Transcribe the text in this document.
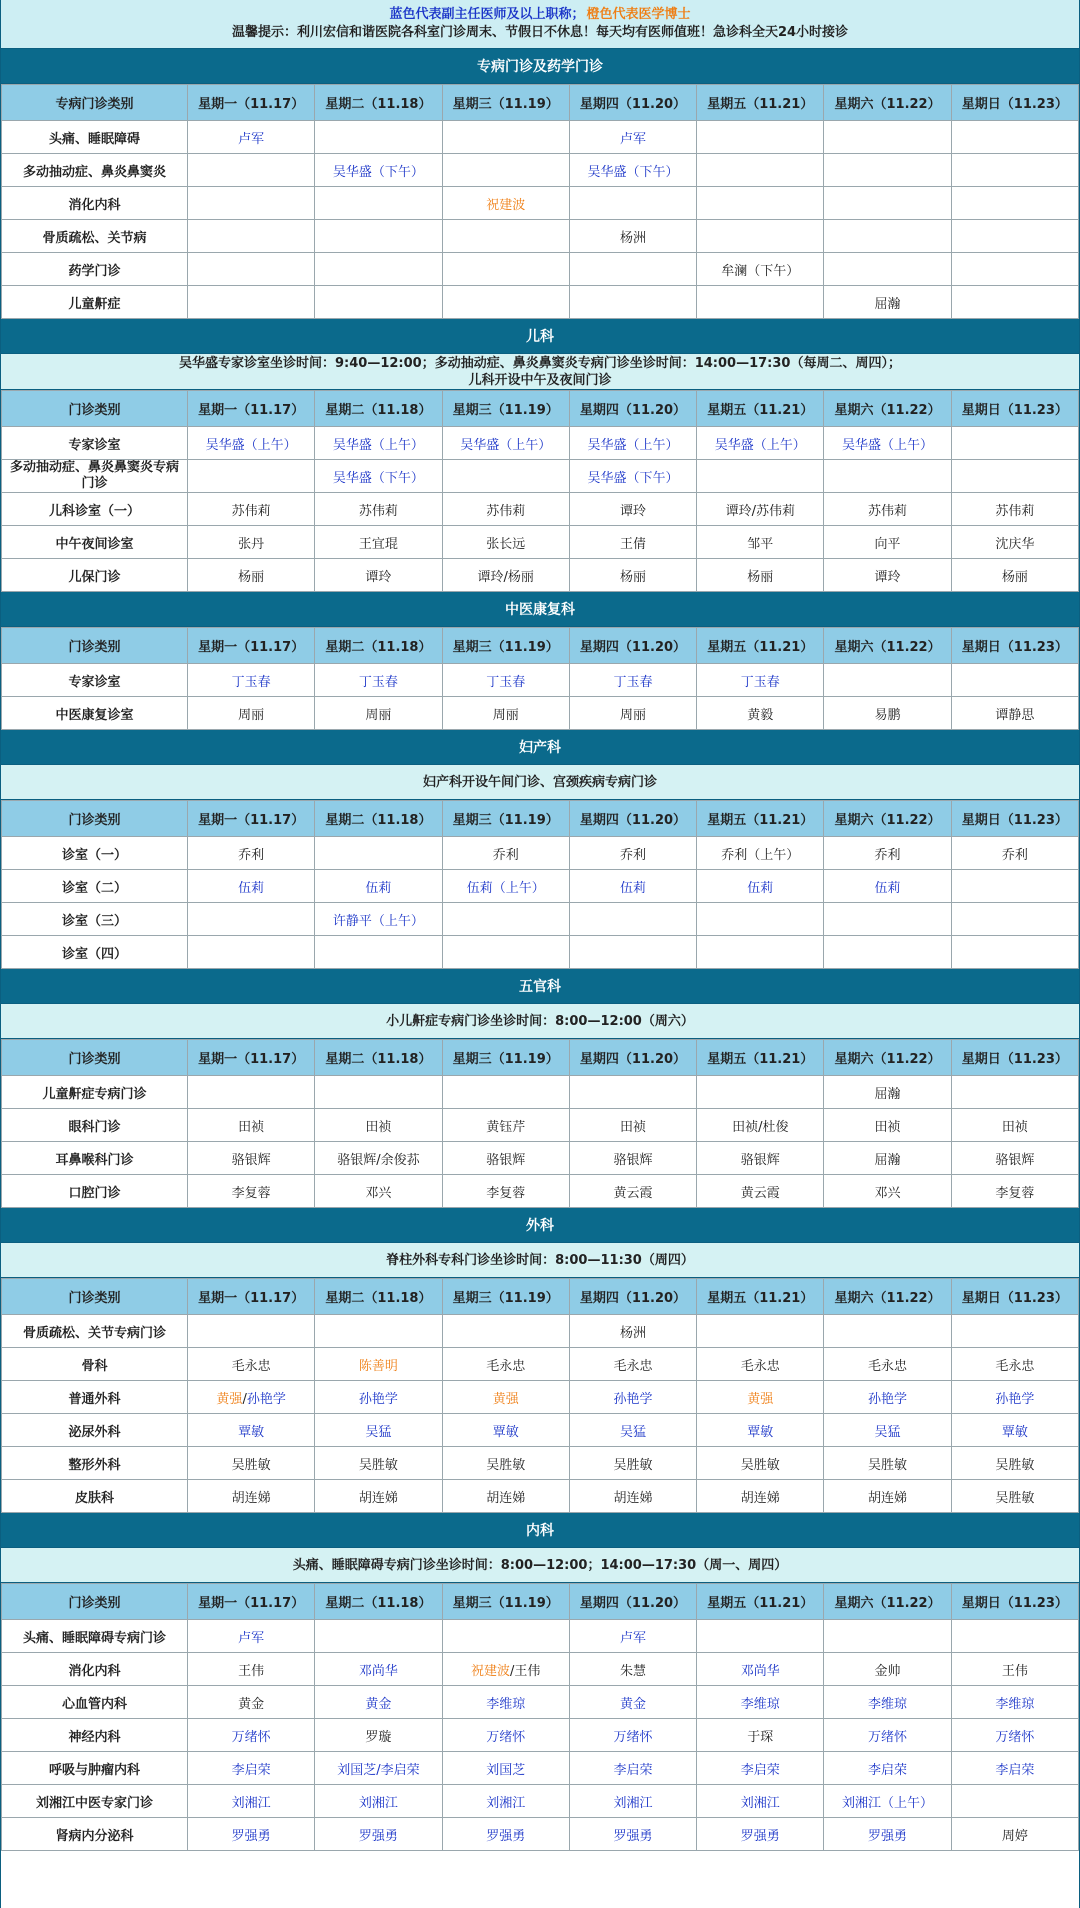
蓝色代表副主任医师及以上职称； 橙色代表医学博士
温馨提示：利川宏信和谐医院各科室门诊周末、节假日不休息！每天均有医师值班！急诊科全天24小时接诊
专病门诊及药学门诊
专病门诊类别	星期一（11.17）	星期二（11.18）	星期三（11.19）	星期四（11.20）	星期五（11.21）	星期六（11.22）	星期日（11.23）
头痛、睡眠障碍	卢军			卢军			
多动抽动症、鼻炎鼻窦炎		吴华盛（下午）		吴华盛（下午）			
消化内科			祝建波				
骨质疏松、关节病				杨洲			
药学门诊					牟澜（下午）		
儿童鼾症						屈瀚	
儿科
吴华盛专家诊室坐诊时间：9:40—12:00；多动抽动症、鼻炎鼻窦炎专病门诊坐诊时间：14:00—17:30（每周二、周四）；
儿科开设中午及夜间门诊
门诊类别	星期一（11.17）	星期二（11.18）	星期三（11.19）	星期四（11.20）	星期五（11.21）	星期六（11.22）	星期日（11.23）
专家诊室	吴华盛（上午）	吴华盛（上午）	吴华盛（上午）	吴华盛（上午）	吴华盛（上午）	吴华盛（上午）	
多动抽动症、鼻炎鼻窦炎专病门诊		吴华盛（下午）		吴华盛（下午）			
儿科诊室（一）	苏伟莉	苏伟莉	苏伟莉	谭玲	谭玲/苏伟莉	苏伟莉	苏伟莉
中午夜间诊室	张丹	王宜琨	张长远	王倩	邹平	向平	沈庆华
儿保门诊	杨丽	谭玲	谭玲/杨丽	杨丽	杨丽	谭玲	杨丽
中医康复科
门诊类别	星期一（11.17）	星期二（11.18）	星期三（11.19）	星期四（11.20）	星期五（11.21）	星期六（11.22）	星期日（11.23）
专家诊室	丁玉春	丁玉春	丁玉春	丁玉春	丁玉春		
中医康复诊室	周丽	周丽	周丽	周丽	黄毅	易鹏	谭静思
妇产科
妇产科开设午间门诊、宫颈疾病专病门诊
门诊类别	星期一（11.17）	星期二（11.18）	星期三（11.19）	星期四（11.20）	星期五（11.21）	星期六（11.22）	星期日（11.23）
诊室（一）	乔利		乔利	乔利	乔利（上午）	乔利	乔利
诊室（二）	伍莉	伍莉	伍莉（上午）	伍莉	伍莉	伍莉	
诊室（三）		许静平（上午）					
诊室（四）							
五官科
小儿鼾症专病门诊坐诊时间：8:00—12:00（周六）
门诊类别	星期一（11.17）	星期二（11.18）	星期三（11.19）	星期四（11.20）	星期五（11.21）	星期六（11.22）	星期日（11.23）
儿童鼾症专病门诊						屈瀚	
眼科门诊	田祯	田祯	黄钰芹	田祯	田祯/杜俊	田祯	田祯
耳鼻喉科门诊	骆银辉	骆银辉/余俊荪	骆银辉	骆银辉	骆银辉	屈瀚	骆银辉
口腔门诊	李复蓉	邓兴	李复蓉	黄云霞	黄云霞	邓兴	李复蓉
外科
脊柱外科专科门诊坐诊时间：8:00—11:30（周四）
门诊类别	星期一（11.17）	星期二（11.18）	星期三（11.19）	星期四（11.20）	星期五（11.21）	星期六（11.22）	星期日（11.23）
骨质疏松、关节专病门诊				杨洲			
骨科	毛永忠	陈善明	毛永忠	毛永忠	毛永忠	毛永忠	毛永忠
普通外科	黄强/孙艳学	孙艳学	黄强	孙艳学	黄强	孙艳学	孙艳学
泌尿外科	覃敏	吴猛	覃敏	吴猛	覃敏	吴猛	覃敏
整形外科	吴胜敏	吴胜敏	吴胜敏	吴胜敏	吴胜敏	吴胜敏	吴胜敏
皮肤科	胡连娣	胡连娣	胡连娣	胡连娣	胡连娣	胡连娣	吴胜敏
内科
头痛、睡眠障碍专病门诊坐诊时间：8:00—12:00；14:00—17:30（周一、周四）
门诊类别	星期一（11.17）	星期二（11.18）	星期三（11.19）	星期四（11.20）	星期五（11.21）	星期六（11.22）	星期日（11.23）
头痛、睡眠障碍专病门诊	卢军			卢军			
消化内科	王伟	邓尚华	祝建波/王伟	朱慧	邓尚华	金帅	王伟
心血管内科	黄金	黄金	李维琼	黄金	李维琼	李维琼	李维琼
神经内科	万绪怀	罗璇	万绪怀	万绪怀	于琛	万绪怀	万绪怀
呼吸与肿瘤内科	李启荣	刘国芝/李启荣	刘国芝	李启荣	李启荣	李启荣	李启荣
刘湘江中医专家门诊	刘湘江	刘湘江	刘湘江	刘湘江	刘湘江	刘湘江（上午）	
肾病内分泌科	罗强勇	罗强勇	罗强勇	罗强勇	罗强勇	罗强勇	周婷
